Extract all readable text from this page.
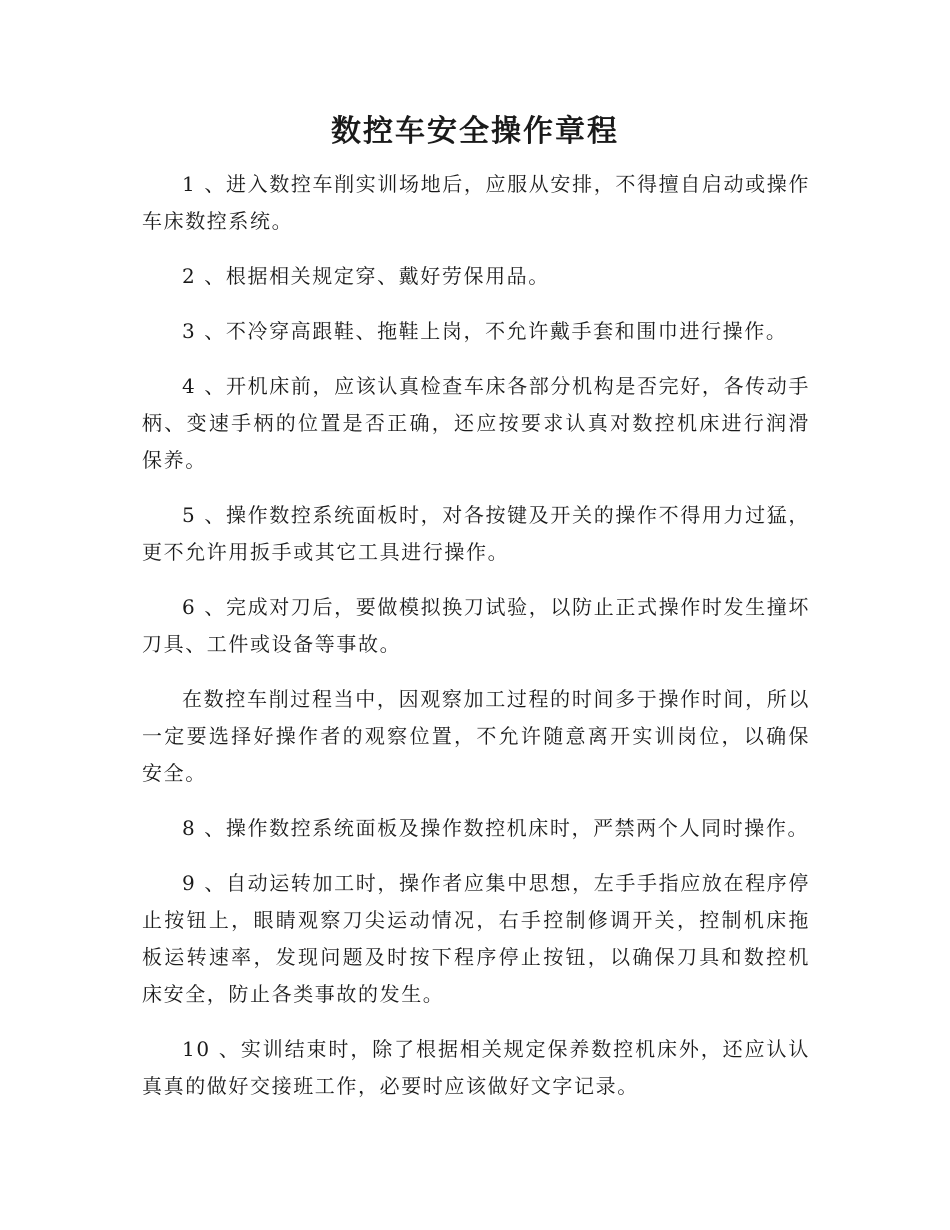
数控车安全操作章程

1 、进入数控车削实训场地后，应服从安排，不得擅自启动或操作车床数控系统。

2 、根据相关规定穿、戴好劳保用品。

3 、不冷穿高跟鞋、拖鞋上岗，不允许戴手套和围巾进行操作。

4 、开机床前，应该认真检查车床各部分机构是否完好，各传动手柄、变速手柄的位置是否正确，还应按要求认真对数控机床进行润滑保养。

5 、操作数控系统面板时，对各按键及开关的操作不得用力过猛，更不允许用扳手或其它工具进行操作。

6 、完成对刀后，要做模拟换刀试验，以防止正式操作时发生撞坏刀具、工件或设备等事故。

在数控车削过程当中，因观察加工过程的时间多于操作时间，所以一定要选择好操作者的观察位置，不允许随意离开实训岗位，以确保安全。

8 、操作数控系统面板及操作数控机床时，严禁两个人同时操作。

9 、自动运转加工时，操作者应集中思想，左手手指应放在程序停止按钮上，眼睛观察刀尖运动情况，右手控制修调开关，控制机床拖板运转速率，发现问题及时按下程序停止按钮，以确保刀具和数控机床安全，防止各类事故的发生。

10 、实训结束时，除了根据相关规定保养数控机床外，还应认认真真的做好交接班工作，必要时应该做好文字记录。
